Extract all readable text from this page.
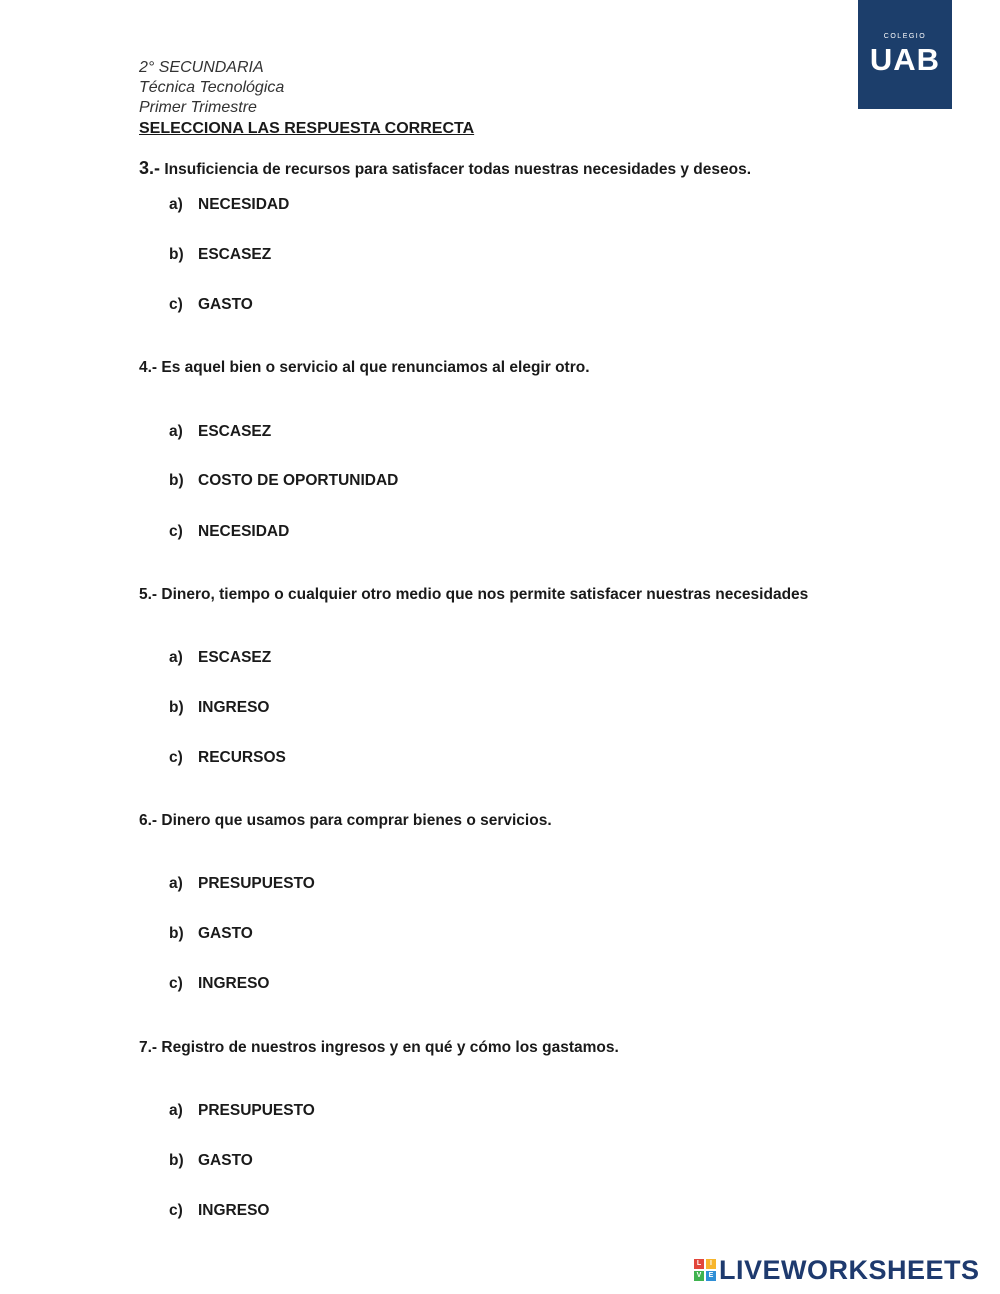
COLEGIO
UAB
2° SECUNDARIA
Técnica Tecnológica
Primer Trimestre
SELECCIONA LAS RESPUESTA CORRECTA
3.- Insuficiencia de recursos para satisfacer todas nuestras necesidades y deseos.
a) NECESIDAD
b) ESCASEZ
c) GASTO
4.- Es aquel bien o servicio al que renunciamos al elegir otro.
a) ESCASEZ
b) COSTO DE OPORTUNIDAD
c) NECESIDAD
5.- Dinero, tiempo o cualquier otro medio que nos permite satisfacer nuestras necesidades
a) ESCASEZ
b) INGRESO
c) RECURSOS
6.- Dinero que usamos para comprar bienes o servicios.
a) PRESUPUESTO
b) GASTO
c) INGRESO
7.- Registro de nuestros ingresos y en qué y cómo los gastamos.
a) PRESUPUESTO
b) GASTO
c) INGRESO
L	I
V	E LIVEWORKSHEETS
